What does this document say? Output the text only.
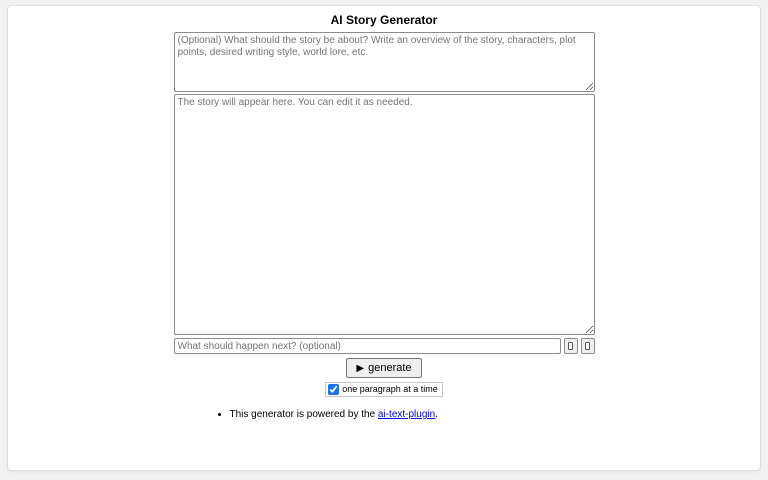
AI Story Generator
(Optional) What should the story be about? Write an overview of the story, characters, plot points, desired writing style, world lore, etc.
The story will appear here. You can edit it as needed.
What should happen next? (optional)
▶ generate
one paragraph at a time
• This generator is powered by the ai-text-plugin.
